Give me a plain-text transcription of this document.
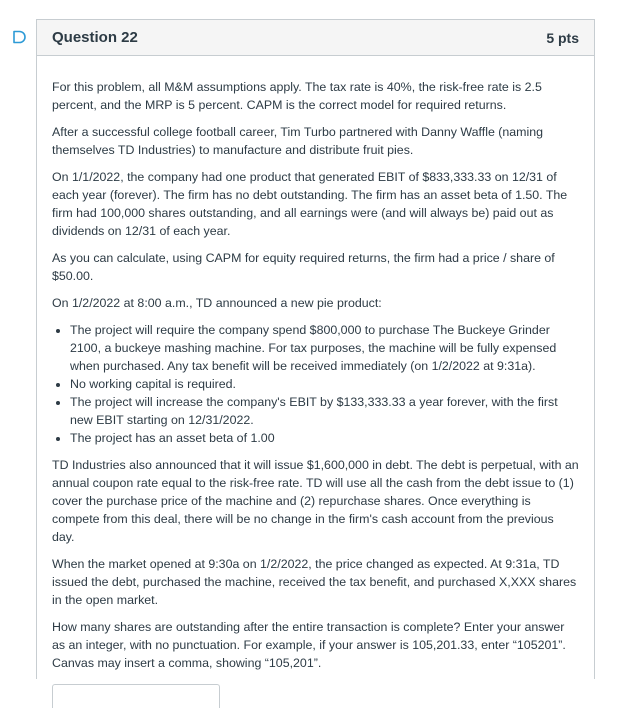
Question 22	5 pts

For this problem, all M&M assumptions apply. The tax rate is 40%, the risk-free rate is 2.5 percent, and the MRP is 5 percent. CAPM is the correct model for required returns.

After a successful college football career, Tim Turbo partnered with Danny Waffle (naming themselves TD Industries) to manufacture and distribute fruit pies.

On 1/1/2022, the company had one product that generated EBIT of $833,333.33 on 12/31 of each year (forever). The firm has no debt outstanding. The firm has an asset beta of 1.50. The firm had 100,000 shares outstanding, and all earnings were (and will always be) paid out as dividends on 12/31 of each year.

As you can calculate, using CAPM for equity required returns, the firm had a price / share of $50.00.

On 1/2/2022 at 8:00 a.m., TD announced a new pie product:

• The project will require the company spend $800,000 to purchase The Buckeye Grinder 2100, a buckeye mashing machine. For tax purposes, the machine will be fully expensed when purchased. Any tax benefit will be received immediately (on 1/2/2022 at 9:31a).
• No working capital is required.
• The project will increase the company's EBIT by $133,333.33 a year forever, with the first new EBIT starting on 12/31/2022.
• The project has an asset beta of 1.00

TD Industries also announced that it will issue $1,600,000 in debt. The debt is perpetual, with an annual coupon rate equal to the risk-free rate. TD will use all the cash from the debt issue to (1) cover the purchase price of the machine and (2) repurchase shares. Once everything is compete from this deal, there will be no change in the firm's cash account from the previous day.

When the market opened at 9:30a on 1/2/2022, the price changed as expected. At 9:31a, TD issued the debt, purchased the machine, received the tax benefit, and purchased X,XXX shares in the open market.

How many shares are outstanding after the entire transaction is complete? Enter your answer as an integer, with no punctuation. For example, if your answer is 105,201.33, enter “105201”. Canvas may insert a comma, showing “105,201”.
